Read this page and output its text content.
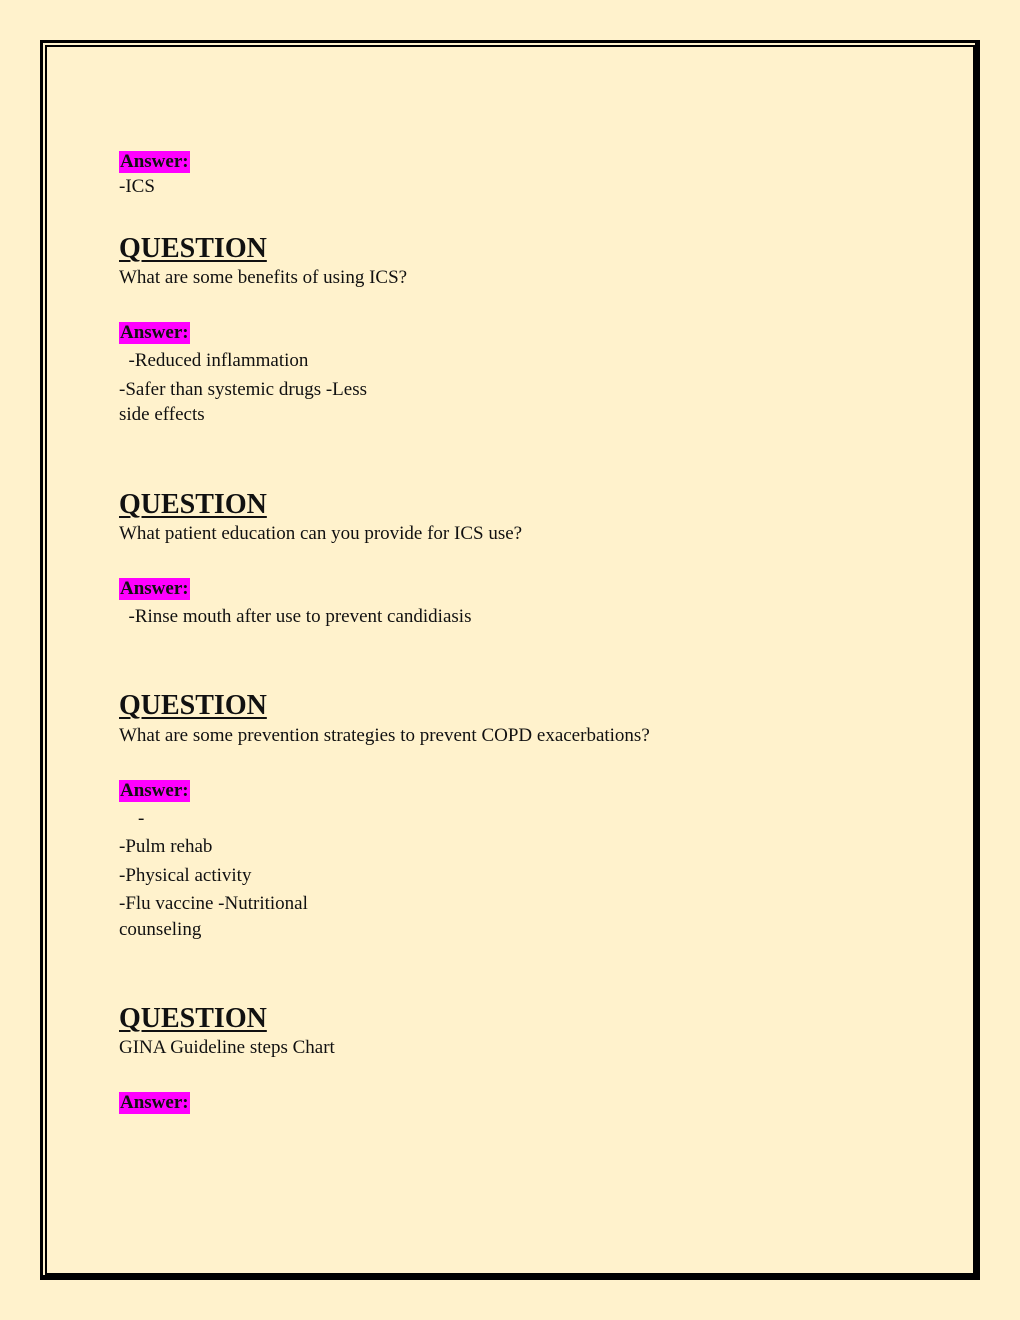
Answer:
-ICS
QUESTION
What are some benefits of using ICS?
Answer:
-Reduced inflammation
-Safer than systemic drugs -Less
side effects
QUESTION
What patient education can you provide for ICS use?
Answer:
-Rinse mouth after use to prevent candidiasis
QUESTION
What are some prevention strategies to prevent COPD exacerbations?
Answer:
-
-Pulm rehab
-Physical activity
-Flu vaccine -Nutritional
counseling
QUESTION
GINA Guideline steps Chart
Answer:
